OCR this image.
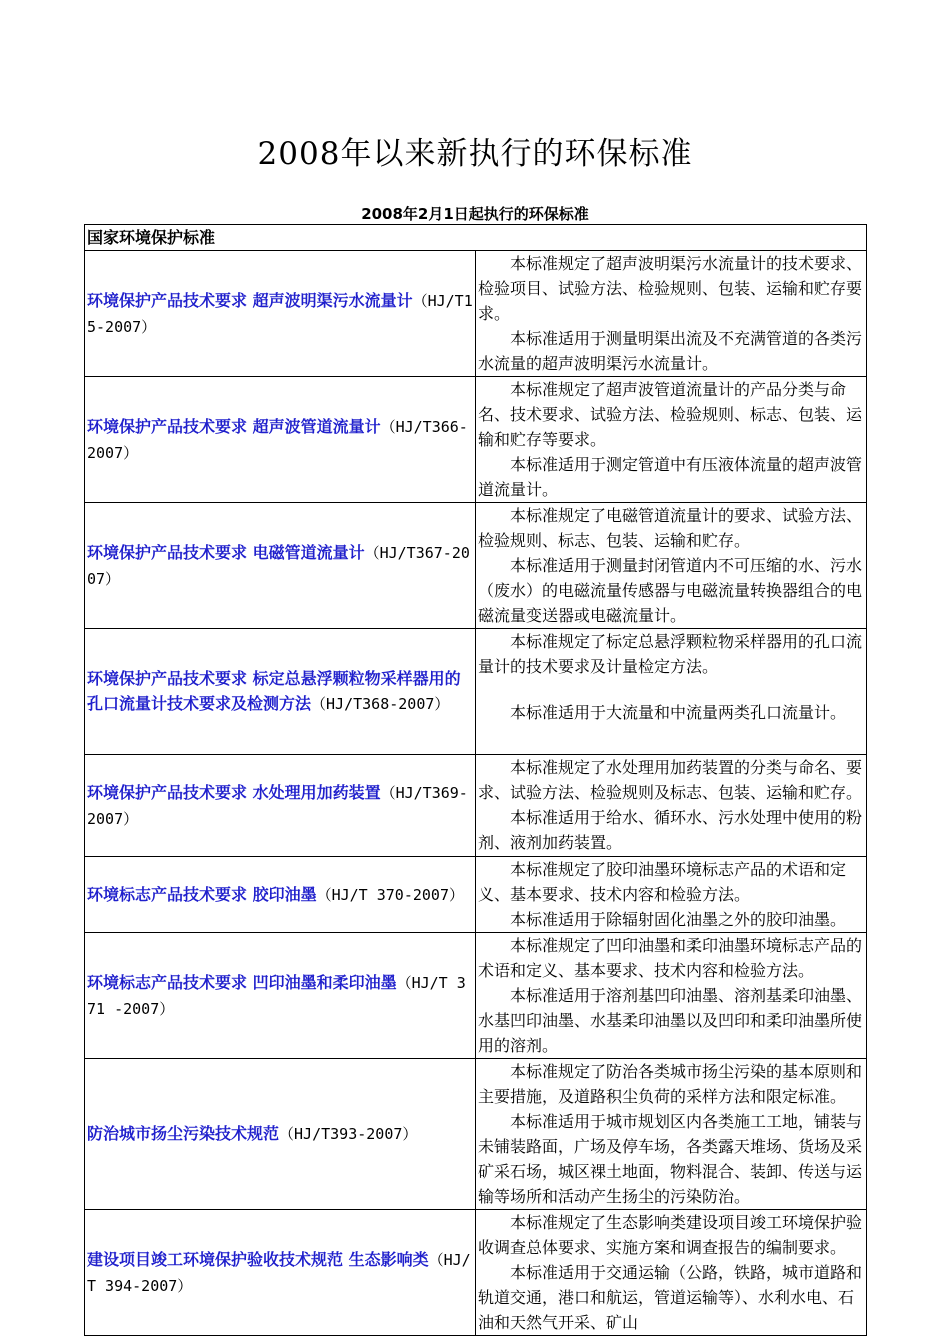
2008年以来新执行的环保标准
2008年2月1日起执行的环保标准
国家环境保护标准	
环境保护产品技术要求 超声波明渠污水流量计（HJ/T15-2007）	本标准规定了超声波明渠污水流量计的技术要求、检验项目、试验方法、检验规则、包装、运输和贮存要求。

本标准适用于测量明渠出流及不充满管道的各类污水流量的超声波明渠污水流量计。

环境保护产品技术要求 超声波管道流量计（HJ/T366-2007）	本标准规定了超声波管道流量计的产品分类与命名、技术要求、试验方法、检验规则、标志、包装、运输和贮存等要求。

本标准适用于测定管道中有压液体流量的超声波管道流量计。

环境保护产品技术要求 电磁管道流量计（HJ/T367-2007）	本标准规定了电磁管道流量计的要求、试验方法、检验规则、标志、包装、运输和贮存。

本标准适用于测量封闭管道内不可压缩的水、污水（废水）的电磁流量传感器与电磁流量转换器组合的电磁流量变送器或电磁流量计。

环境保护产品技术要求 标定总悬浮颗粒物采样器用的孔口流量计技术要求及检测方法（HJ/T368-2007）	本标准规定了标定总悬浮颗粒物采样器用的孔口流量计的技术要求及计量检定方法。

本标准适用于大流量和中流量两类孔口流量计。

环境保护产品技术要求 水处理用加药装置（HJ/T369-2007）	本标准规定了水处理用加药装置的分类与命名、要求、试验方法、检验规则及标志、包装、运输和贮存。

本标准适用于给水、循环水、污水处理中使用的粉剂、液剂加药装置。

环境标志产品技术要求 胶印油墨（HJ/T 370-2007）	本标准规定了胶印油墨环境标志产品的术语和定义、基本要求、技术内容和检验方法。

本标准适用于除辐射固化油墨之外的胶印油墨。

环境标志产品技术要求 凹印油墨和柔印油墨（HJ/T 371 -2007）	本标准规定了凹印油墨和柔印油墨环境标志产品的术语和定义、基本要求、技术内容和检验方法。

本标准适用于溶剂基凹印油墨、溶剂基柔印油墨、水基凹印油墨、水基柔印油墨以及凹印和柔印油墨所使用的溶剂。

防治城市扬尘污染技术规范（HJ/T393-2007）	本标准规定了防治各类城市扬尘污染的基本原则和主要措施，及道路积尘负荷的采样方法和限定标准。

本标准适用于城市规划区内各类施工工地，铺装与未铺装路面，广场及停车场，各类露天堆场、货场及采矿采石场，城区裸土地面，物料混合、装卸、传送与运输等场所和活动产生扬尘的污染防治。

建设项目竣工环境保护验收技术规范 生态影响类（HJ/T 394-2007）	本标准规定了生态影响类建设项目竣工环境保护验收调查总体要求、实施方案和调查报告的编制要求。

本标准适用于交通运输（公路，铁路，城市道路和轨道交通，港口和航运，管道运输等）、水利水电、石油和天然气开采、矿山
